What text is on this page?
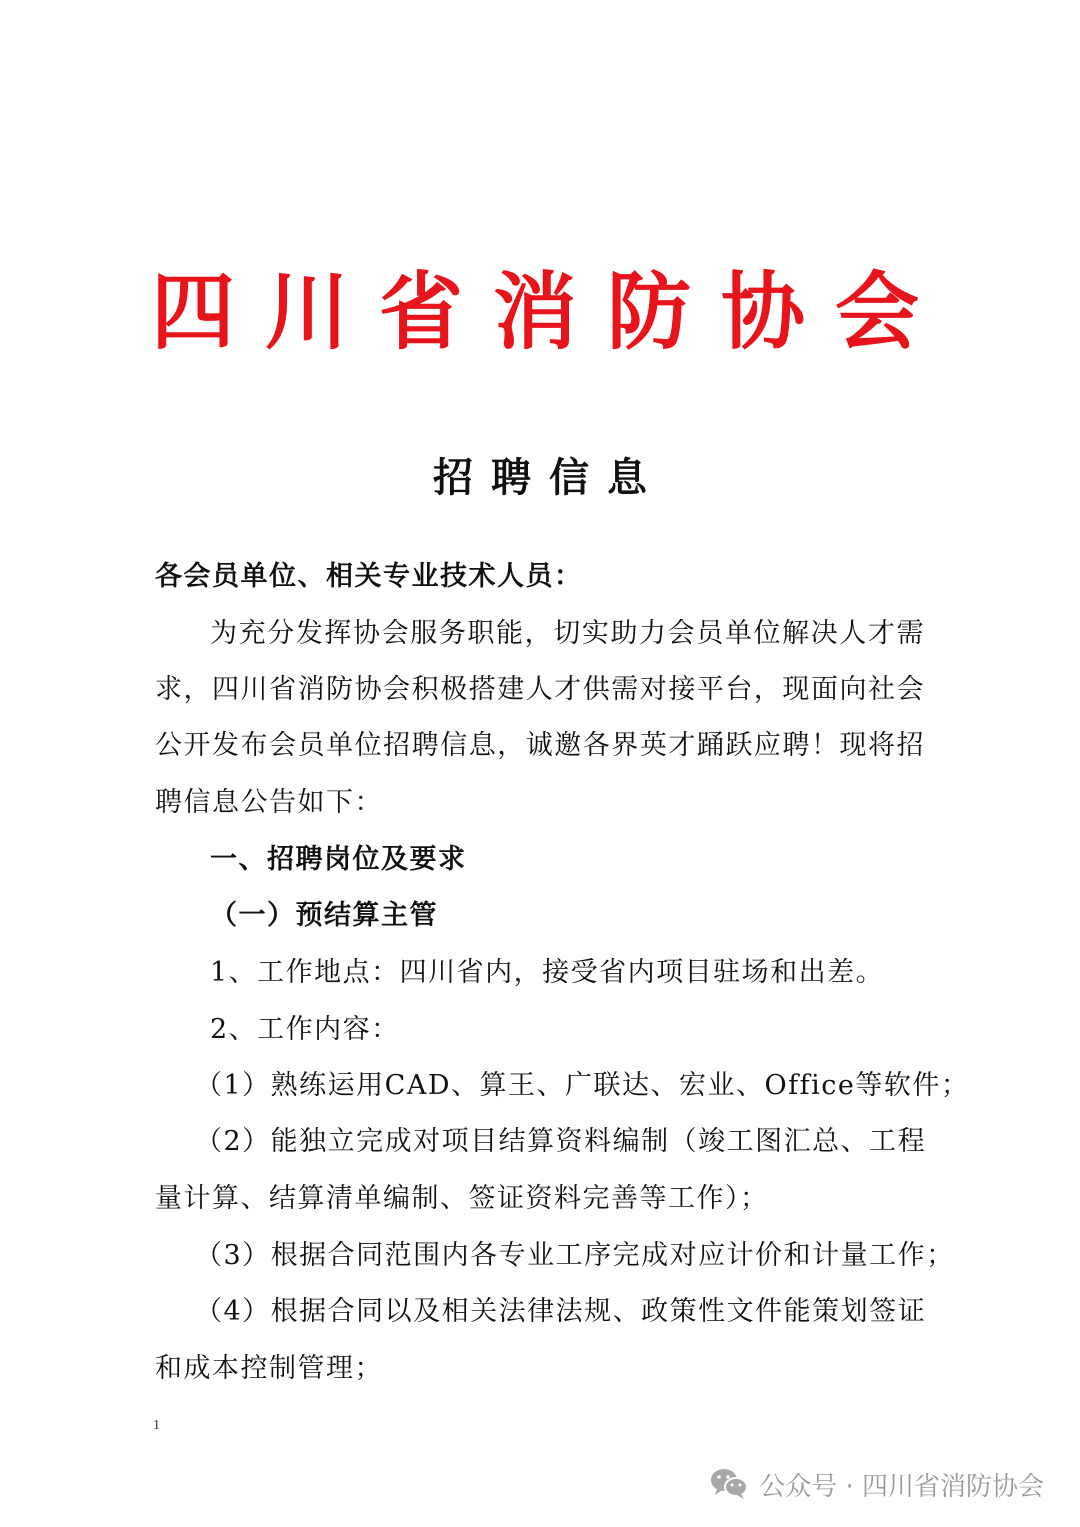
四川省消防协会
招聘信息
各会员单位、相关专业技术人员：
为充分发挥协会服务职能，切实助力会员单位解决人才需
求，四川省消防协会积极搭建人才供需对接平台，现面向社会
公开发布会员单位招聘信息，诚邀各界英才踊跃应聘！现将招
聘信息公告如下：
一、招聘岗位及要求
（一）预结算主管
1、工作地点：四川省内，接受省内项目驻场和出差。
2、工作内容：
（1）熟练运用CAD、算王、广联达、宏业、Office等软件；
（2）能独立完成对项目结算资料编制（竣工图汇总、工程
量计算、结算清单编制、签证资料完善等工作）；
（3）根据合同范围内各专业工序完成对应计价和计量工作；
（4）根据合同以及相关法律法规、政策性文件能策划签证
和成本控制管理；
1
公众号 · 四川省消防协会
